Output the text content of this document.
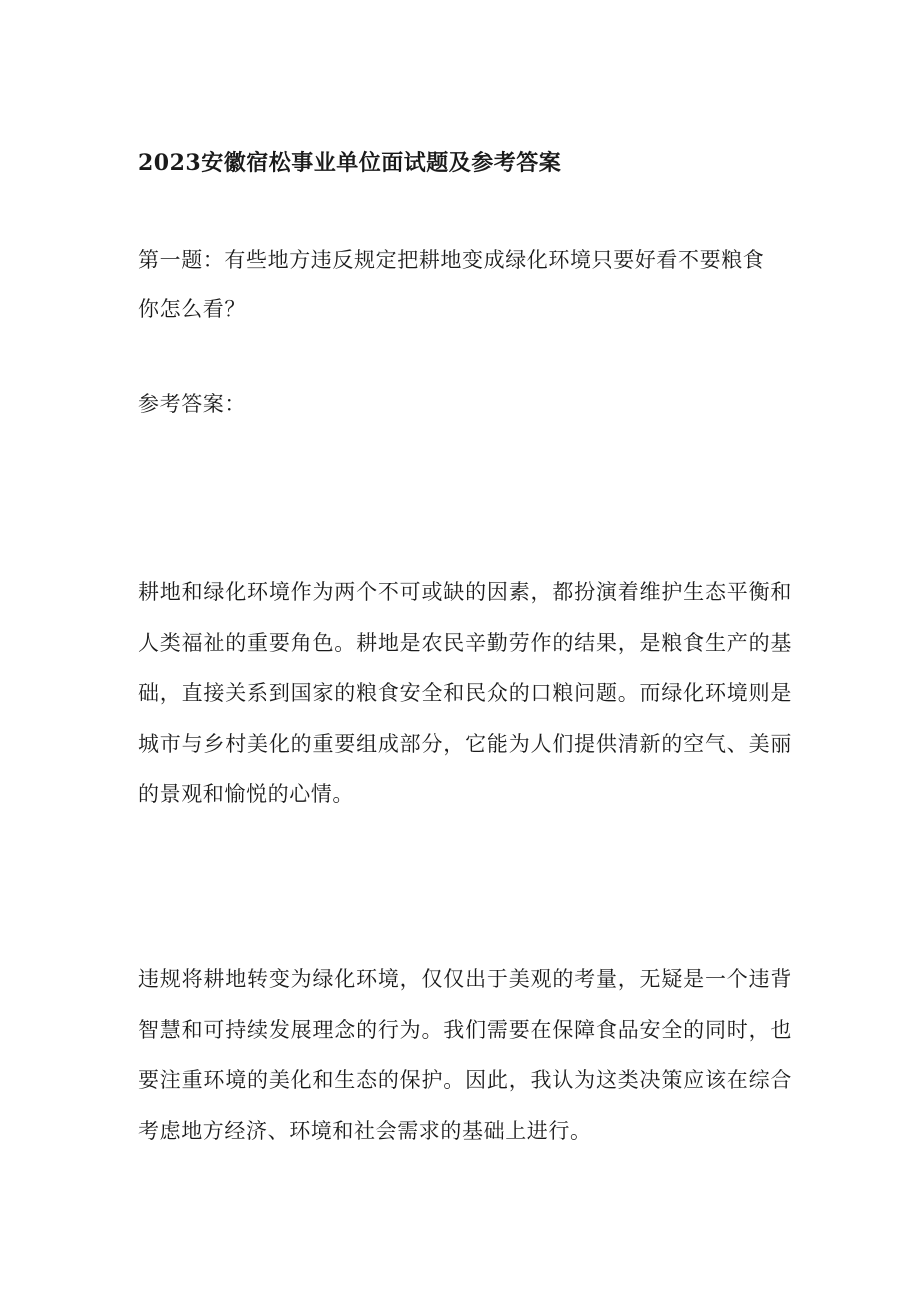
2023安徽宿松事业单位面试题及参考答案
第一题：有些地方违反规定把耕地变成绿化环境只要好看不要粮食你怎么看？
参考答案：
耕地和绿化环境作为两个不可或缺的因素，都扮演着维护生态平衡和人类福祉的重要角色。耕地是农民辛勤劳作的结果，是粮食生产的基础，直接关系到国家的粮食安全和民众的口粮问题。而绿化环境则是城市与乡村美化的重要组成部分，它能为人们提供清新的空气、美丽的景观和愉悦的心情。
违规将耕地转变为绿化环境，仅仅出于美观的考量，无疑是一个违背智慧和可持续发展理念的行为。我们需要在保障食品安全的同时，也要注重环境的美化和生态的保护。因此，我认为这类决策应该在综合考虑地方经济、环境和社会需求的基础上进行。
